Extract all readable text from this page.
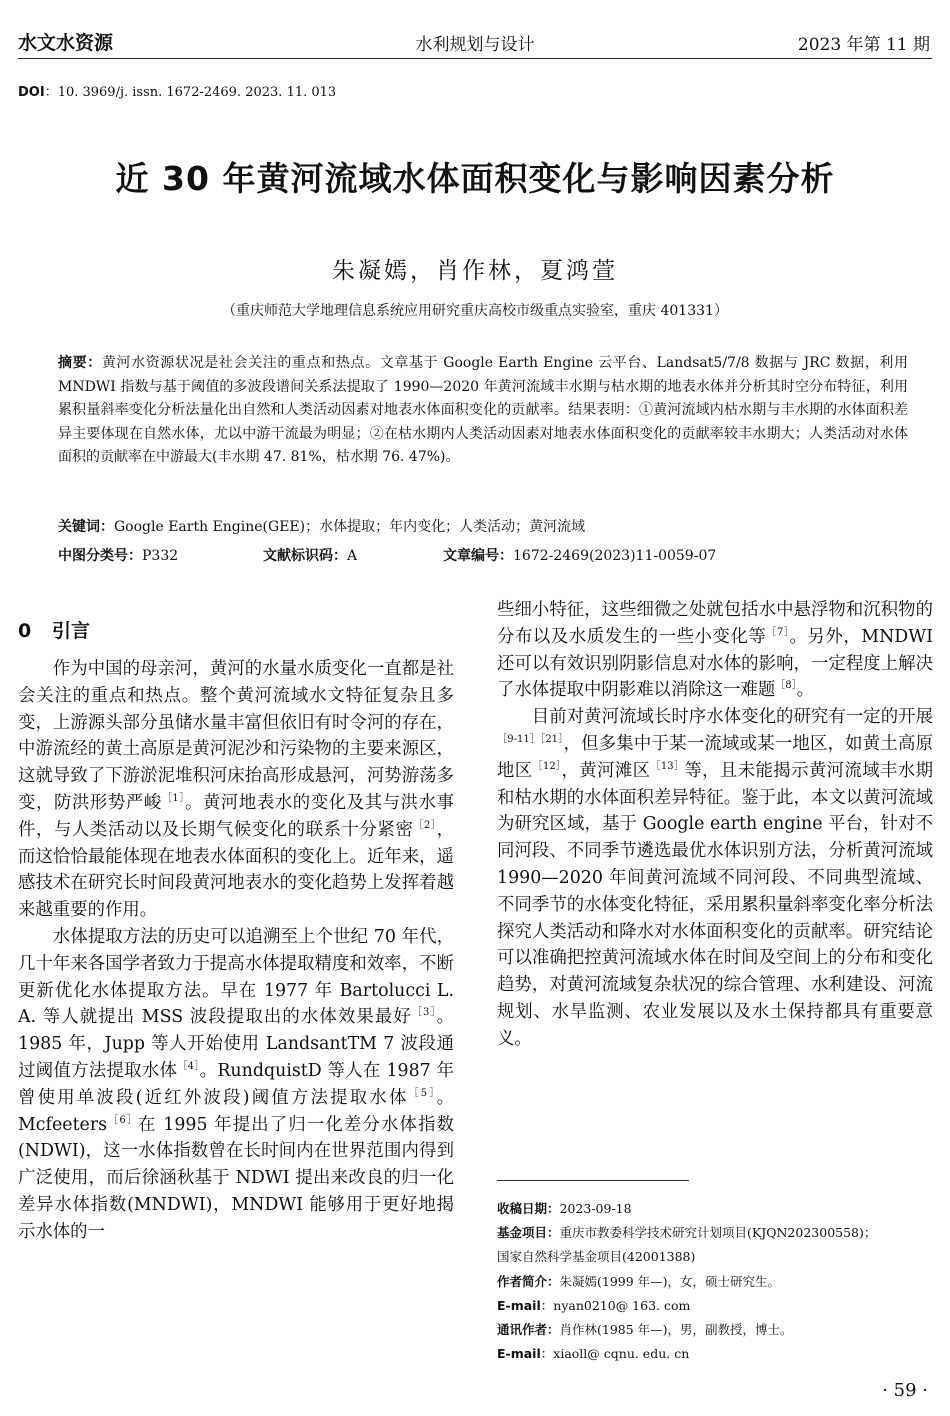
水文水资源	水利规划与设计	2023 年第 11 期
DOI：10. 3969/j. issn. 1672-2469. 2023. 11. 013
近 30 年黄河流域水体面积变化与影响因素分析
朱凝嫣，肖作林，夏鸿萱
（重庆师范大学地理信息系统应用研究重庆高校市级重点实验室，重庆 401331）
摘要：黄河水资源状况是社会关注的重点和热点。文章基于 Google Earth Engine 云平台、Landsat5/7/8 数据与 JRC 数据，利用 MNDWI 指数与基于阈值的多波段谱间关系法提取了 1990—2020 年黄河流域丰水期与枯水期的地表水体并分析其时空分布特征，利用累积量斜率变化分析法量化出自然和人类活动因素对地表水体面积变化的贡献率。结果表明：①黄河流域内枯水期与丰水期的水体面积差异主要体现在自然水体，尤以中游干流最为明显；②在枯水期内人类活动因素对地表水体面积变化的贡献率较丰水期大；人类活动对水体面积的贡献率在中游最大(丰水期 47. 81%，枯水期 76. 47%)。
关键词：Google Earth Engine(GEE)；水体提取；年内变化；人类活动；黄河流域
中图分类号：P332	文献标识码：A	文章编号：1672-2469(2023)11-0059-07
0 引言

作为中国的母亲河，黄河的水量水质变化一直都是社会关注的重点和热点。整个黄河流域水文特征复杂且多变，上游源头部分虽储水量丰富但依旧有时令河的存在，中游流经的黄土高原是黄河泥沙和污染物的主要来源区，这就导致了下游淤泥堆积河床抬高形成悬河，河势游荡多变，防洪形势严峻$^{[1]}$。黄河地表水的变化及其与洪水事件，与人类活动以及长期气候变化的联系十分紧密$^{[2]}$，而这恰恰最能体现在地表水体面积的变化上。近年来，遥感技术在研究长时间段黄河地表水的变化趋势上发挥着越来越重要的作用。

水体提取方法的历史可以追溯至上个世纪 70 年代，几十年来各国学者致力于提高水体提取精度和效率，不断更新优化水体提取方法。早在 1977 年 Bartolucci L. A. 等人就提出 MSS 波段提取出的水体效果最好$^{[3]}$。1985 年，Jupp 等人开始使用 LandsantTM 7 波段通过阈值方法提取水体$^{[4]}$。RundquistD 等人在 1987 年曾使用单波段(近红外波段)阈值方法提取水体$^{[5]}$。Mcfeeters$^{[6]}$在 1995 年提出了归一化差分水体指数(NDWI)，这一水体指数曾在长时间内在世界范围内得到广泛使用，而后徐涵秋基于 NDWI 提出来改良的归一化差异水体指数(MNDWI)，MNDWI 能够用于更好地揭示水体的一

些细小特征，这些细微之处就包括水中悬浮物和沉积物的分布以及水质发生的一些小变化等$^{[7]}$。另外，MNDWI 还可以有效识别阴影信息对水体的影响，一定程度上解决了水体提取中阴影难以消除这一难题$^{[8]}$。

目前对黄河流域长时序水体变化的研究有一定的开展$^{[9-11][21]}$，但多集中于某一流域或某一地区，如黄土高原地区$^{[12]}$，黄河滩区$^{[13]}$等，且未能揭示黄河流域丰水期和枯水期的水体面积差异特征。鉴于此，本文以黄河流域为研究区域，基于 Google earth engine 平台，针对不同河段、不同季节遴选最优水体识别方法，分析黄河流域 1990—2020 年间黄河流域不同河段、不同典型流域、不同季节的水体变化特征，采用累积量斜率变化率分析法探究人类活动和降水对水体面积变化的贡献率。研究结论可以准确把控黄河流域水体在时间及空间上的分布和变化趋势，对黄河流域复杂状况的综合管理、水利建设、河流规划、水旱监测、农业发展以及水土保持都具有重要意义。

收稿日期：2023-09-18
基金项目：重庆市教委科学技术研究计划项目(KJQN202300558)；
国家自然科学基金项目(42001388)
作者简介：朱凝嫣(1999 年—)，女，硕士研究生。
E-mail：nyan0210@ 163. com
通讯作者：肖作林(1985 年—)，男，副教授，博士。
E-mail：xiaoll@ cqnu. edu. cn
· 59 ·
